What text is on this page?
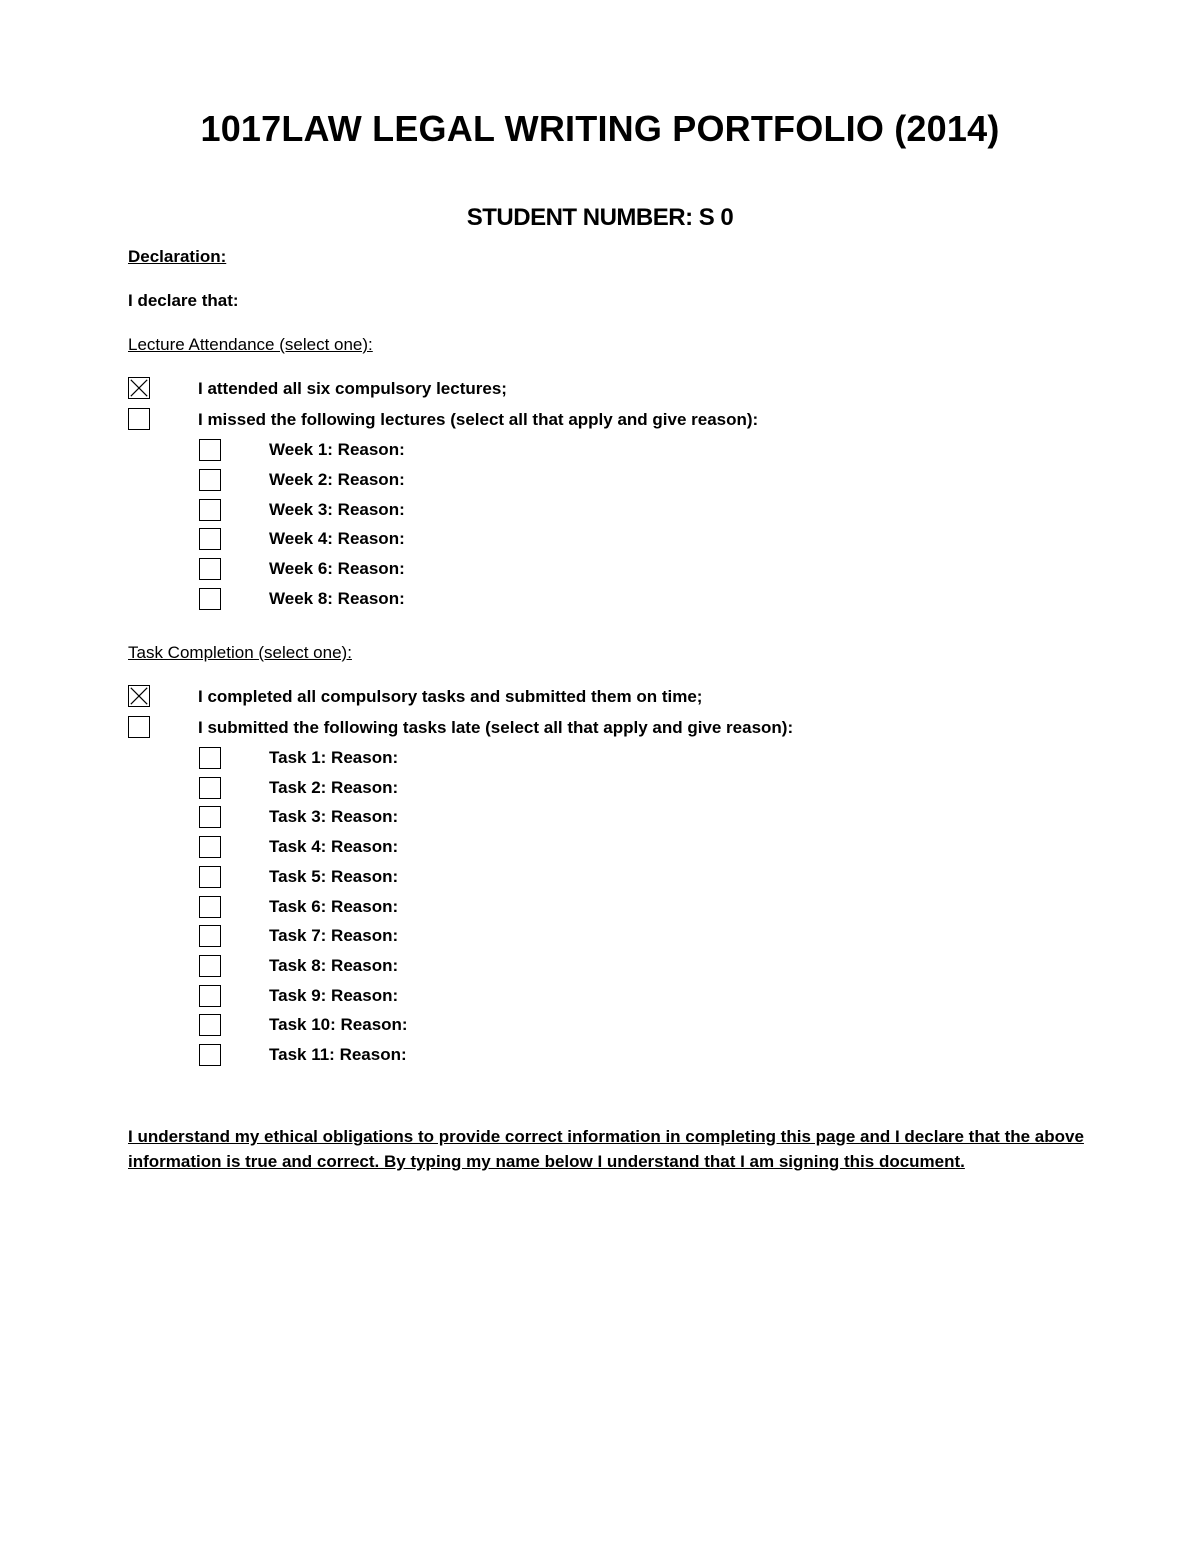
1017LAW LEGAL WRITING PORTFOLIO (2014)
STUDENT NUMBER: S 0
Declaration:
I declare that:
Lecture Attendance (select one):
I attended all six compulsory lectures;
I missed the following lectures (select all that apply and give reason):
Week 1: Reason:
Week 2: Reason:
Week 3: Reason:
Week 4: Reason:
Week 6: Reason:
Week 8: Reason:
Task Completion (select one):
I completed all compulsory tasks and submitted them on time;
I submitted the following tasks late (select all that apply and give reason):
Task 1: Reason:
Task 2: Reason:
Task 3: Reason:
Task 4: Reason:
Task 5: Reason:
Task 6: Reason:
Task 7: Reason:
Task 8: Reason:
Task 9: Reason:
Task 10: Reason:
Task 11: Reason:
I understand my ethical obligations to provide correct information in completing this page and I declare that the above information is true and correct. By typing my name below I understand that I am signing this document.
